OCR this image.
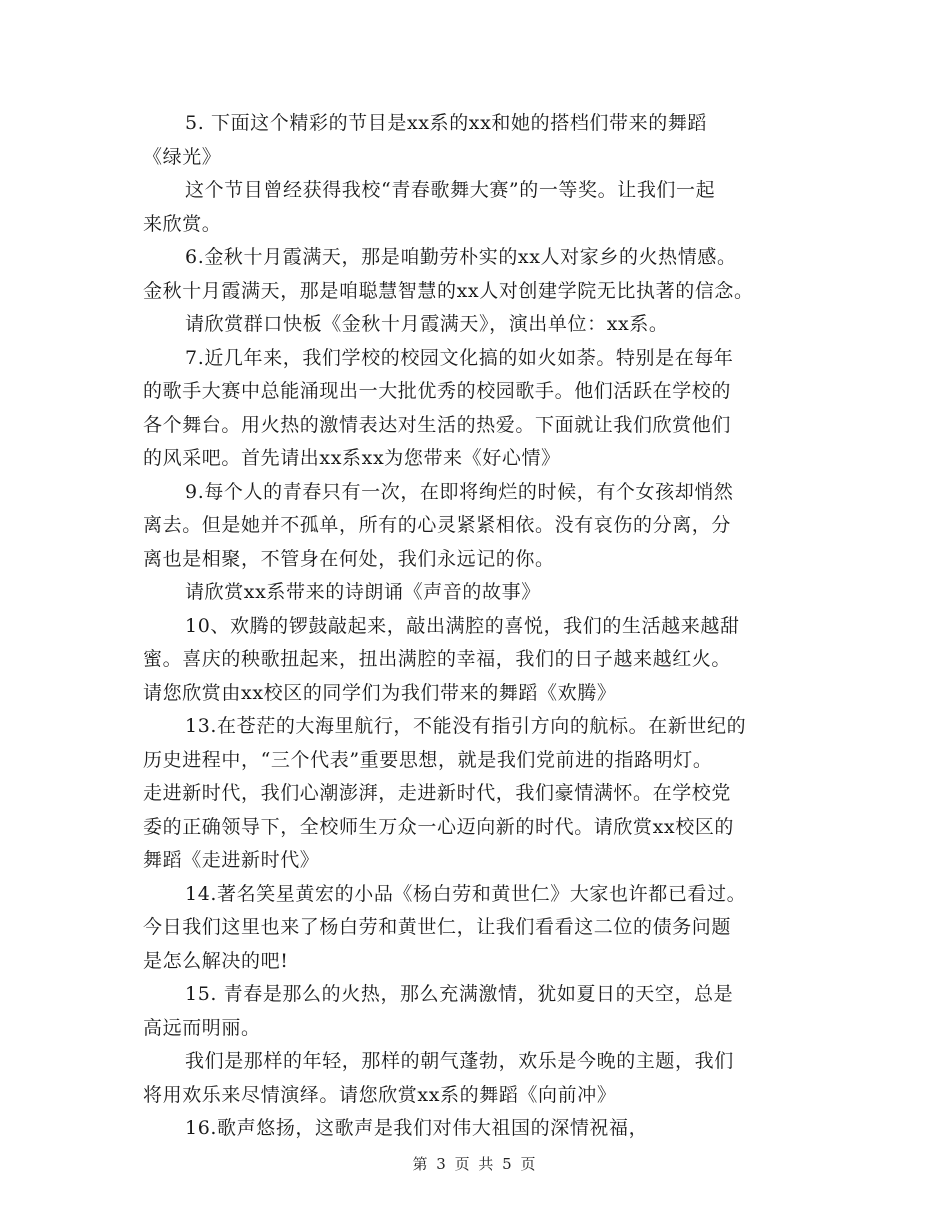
5. 下面这个精彩的节目是xx系的xx和她的搭档们带来的舞蹈
《绿光》
这个节目曾经获得我校“青春歌舞大赛”的一等奖。让我们一起
来欣赏。
6.金秋十月霞满天，那是咱勤劳朴实的xx人对家乡的火热情感。
金秋十月霞满天，那是咱聪慧智慧的xx人对创建学院无比执著的信念。
请欣赏群口快板《金秋十月霞满天》，演出单位：xx系。
7.近几年来，我们学校的校园文化搞的如火如荼。特别是在每年
的歌手大赛中总能涌现出一大批优秀的校园歌手。他们活跃在学校的
各个舞台。用火热的激情表达对生活的热爱。下面就让我们欣赏他们
的风采吧。首先请出xx系xx为您带来《好心情》
9.每个人的青春只有一次，在即将绚烂的时候，有个女孩却悄然
离去。但是她并不孤单，所有的心灵紧紧相依。没有哀伤的分离，分
离也是相聚，不管身在何处，我们永远记的你。
请欣赏xx系带来的诗朗诵《声音的故事》
10、欢腾的锣鼓敲起来，敲出满腔的喜悦，我们的生活越来越甜
蜜。喜庆的秧歌扭起来，扭出满腔的幸福，我们的日子越来越红火。
请您欣赏由xx校区的同学们为我们带来的舞蹈《欢腾》
13.在苍茫的大海里航行，不能没有指引方向的航标。在新世纪的
历史进程中，“三个代表”重要思想，就是我们党前进的指路明灯。
走进新时代，我们心潮澎湃，走进新时代，我们豪情满怀。在学校党
委的正确领导下，全校师生万众一心迈向新的时代。请欣赏xx校区的
舞蹈《走进新时代》
14.著名笑星黄宏的小品《杨白劳和黄世仁》大家也许都已看过。
今日我们这里也来了杨白劳和黄世仁，让我们看看这二位的债务问题
是怎么解决的吧!
15. 青春是那么的火热，那么充满激情，犹如夏日的天空，总是
高远而明丽。
我们是那样的年轻，那样的朝气蓬勃，欢乐是今晚的主题，我们
将用欢乐来尽情演绎。请您欣赏xx系的舞蹈《向前冲》
16.歌声悠扬，这歌声是我们对伟大祖国的深情祝福，
第 3 页 共 5 页
